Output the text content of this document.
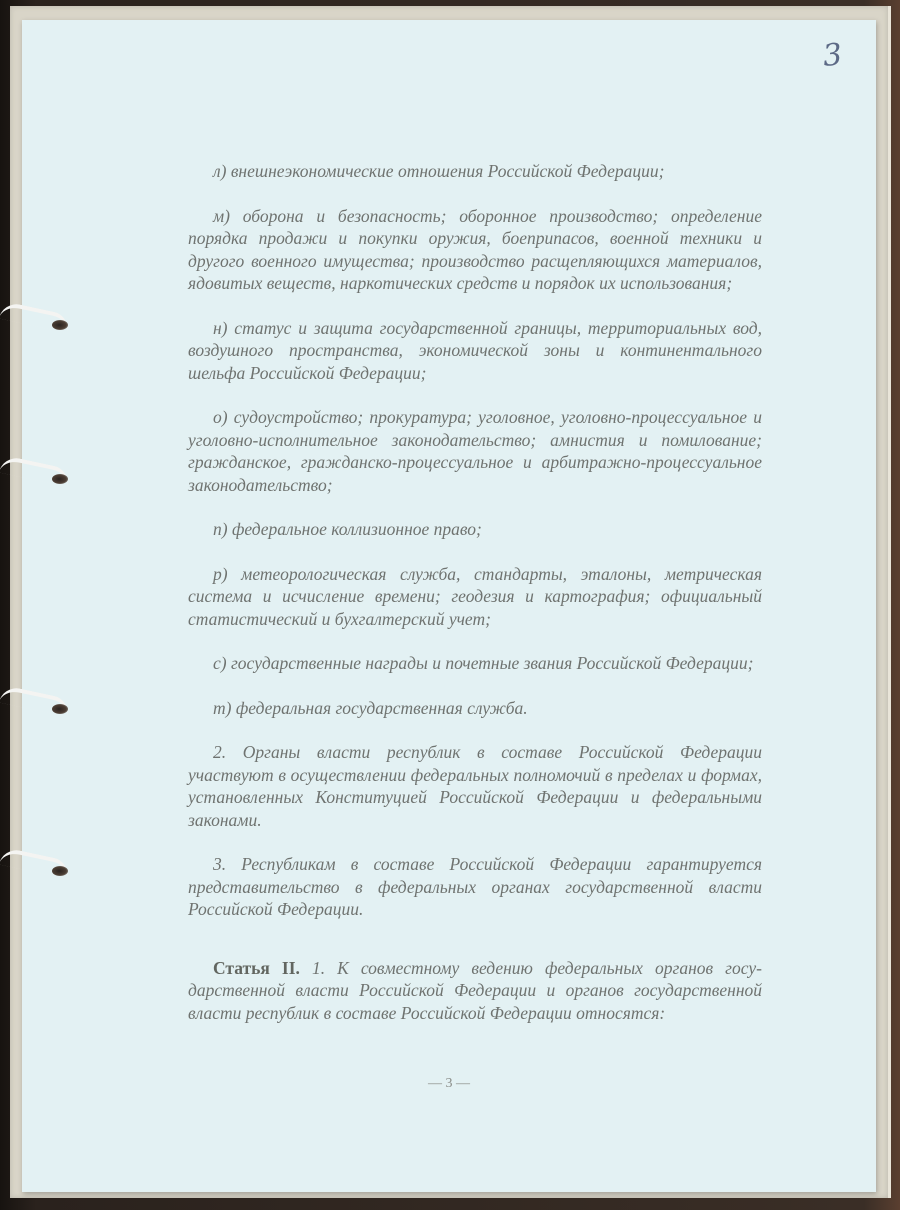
3

л) внешнеэкономические отношения Российской Федерации;

м) оборона и безопасность; оборонное производство; определение порядка продажи и покупки оружия, боеприпасов, военной техники и другого военного имущества; производство расщепляющихся материалов, ядовитых веществ, наркотических средств и порядок их использования;

н) статус и защита государственной границы, территориальных вод, воздушного пространства, экономической зоны и континентального шельфа Российской Федерации;

о) судоустройство; прокуратура; уголовное, уголовно-процессуальное и уголовно-исполнительное законодательство; амнистия и помилование; гражданское, гражданско-процессуальное и арбитражно-процессуальное законодательство;

п) федеральное коллизионное право;

р) метеорологическая служба, стандарты, эталоны, метрическая система и исчисление времени; геодезия и картография; официальный статистический и бухгалтерский учет;

с) государственные награды и почетные звания Российской Федерации;

т) федеральная государственная служба.

2. Органы власти республик в составе Российской Федерации участвуют в осуществлении федеральных полномочий в пределах и формах, установленных Конституцией Российской Федерации и федеральными законами.

3. Республикам в составе Российской Федерации гарантируется представительство в федеральных органах государственной власти Российской Федерации.

Статья II. 1. К совместному ведению федеральных органов государственной власти Российской Федерации и органов государственной власти республик в составе Российской Федерации относятся:

— 3 —
